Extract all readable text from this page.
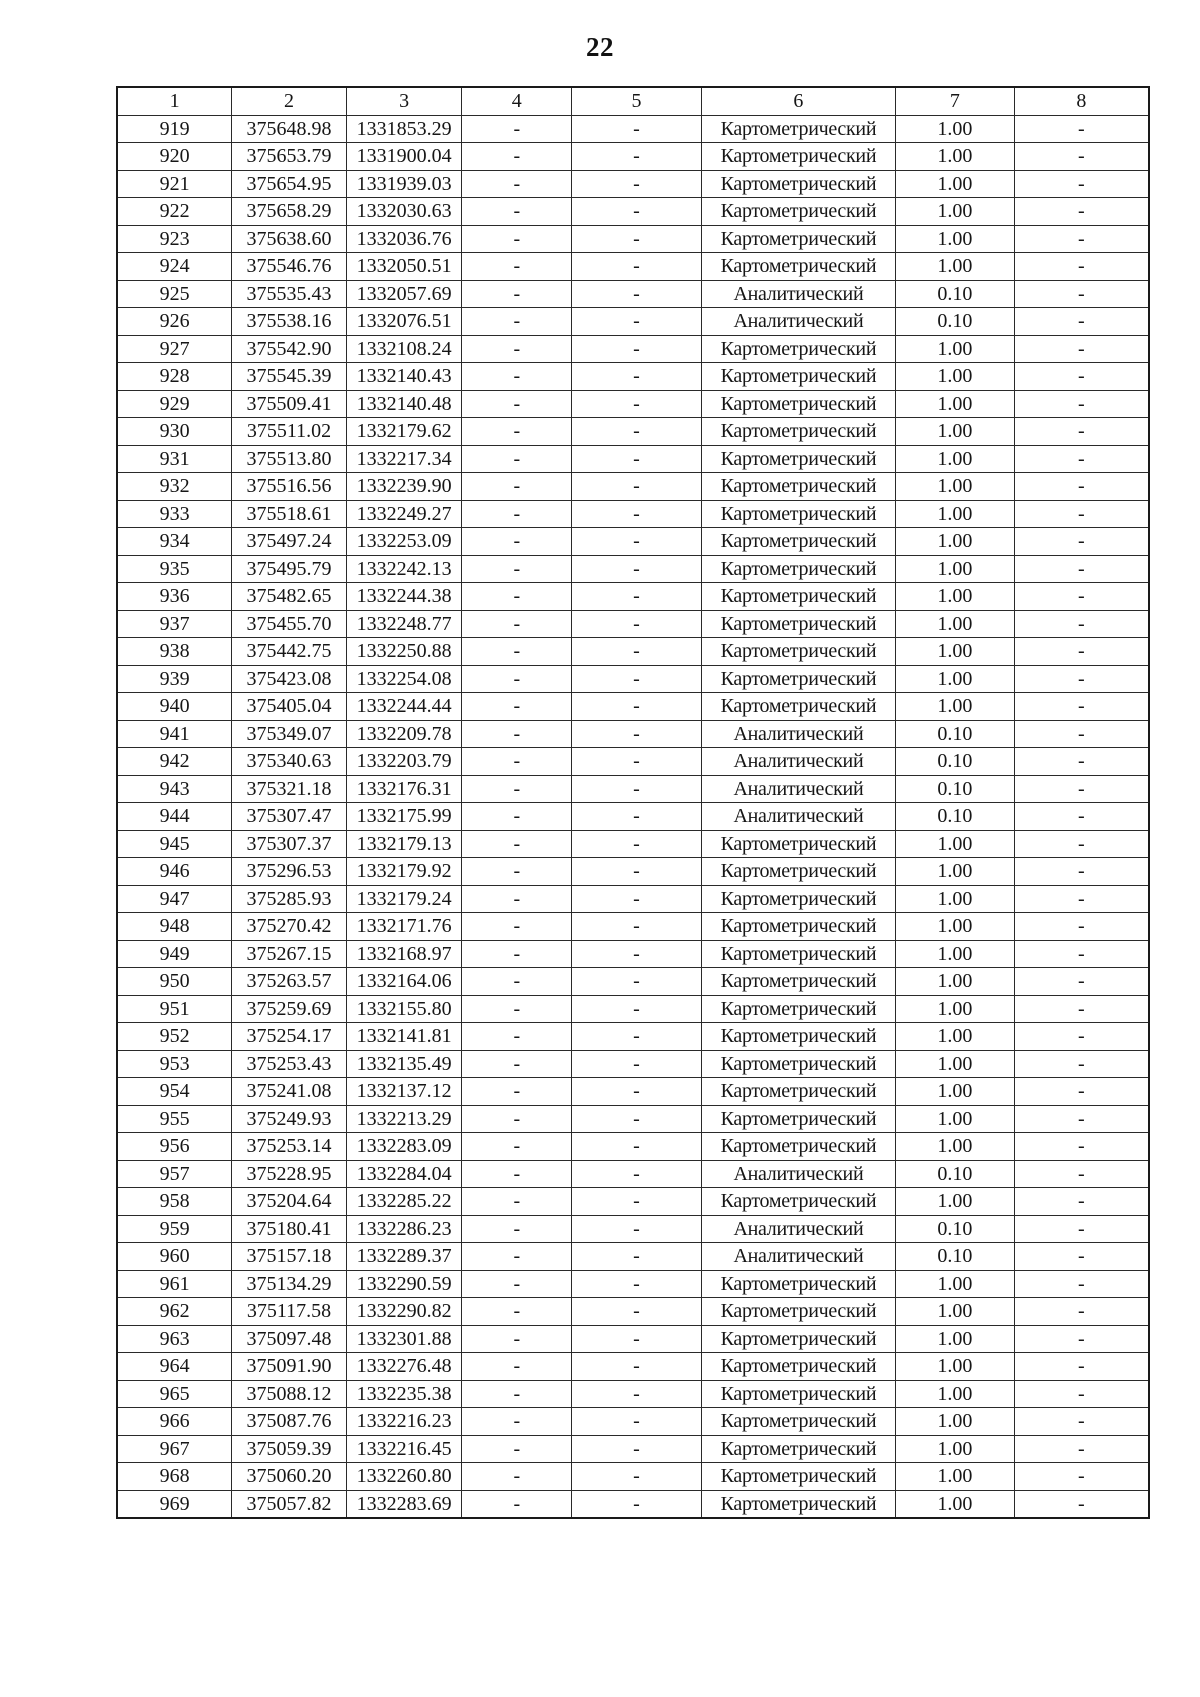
22
1	2	3	4	5	6	7	8
919	375648.98	1331853.29	-	-	Картометрический	1.00	-
920	375653.79	1331900.04	-	-	Картометрический	1.00	-
921	375654.95	1331939.03	-	-	Картометрический	1.00	-
922	375658.29	1332030.63	-	-	Картометрический	1.00	-
923	375638.60	1332036.76	-	-	Картометрический	1.00	-
924	375546.76	1332050.51	-	-	Картометрический	1.00	-
925	375535.43	1332057.69	-	-	Аналитический	0.10	-
926	375538.16	1332076.51	-	-	Аналитический	0.10	-
927	375542.90	1332108.24	-	-	Картометрический	1.00	-
928	375545.39	1332140.43	-	-	Картометрический	1.00	-
929	375509.41	1332140.48	-	-	Картометрический	1.00	-
930	375511.02	1332179.62	-	-	Картометрический	1.00	-
931	375513.80	1332217.34	-	-	Картометрический	1.00	-
932	375516.56	1332239.90	-	-	Картометрический	1.00	-
933	375518.61	1332249.27	-	-	Картометрический	1.00	-
934	375497.24	1332253.09	-	-	Картометрический	1.00	-
935	375495.79	1332242.13	-	-	Картометрический	1.00	-
936	375482.65	1332244.38	-	-	Картометрический	1.00	-
937	375455.70	1332248.77	-	-	Картометрический	1.00	-
938	375442.75	1332250.88	-	-	Картометрический	1.00	-
939	375423.08	1332254.08	-	-	Картометрический	1.00	-
940	375405.04	1332244.44	-	-	Картометрический	1.00	-
941	375349.07	1332209.78	-	-	Аналитический	0.10	-
942	375340.63	1332203.79	-	-	Аналитический	0.10	-
943	375321.18	1332176.31	-	-	Аналитический	0.10	-
944	375307.47	1332175.99	-	-	Аналитический	0.10	-
945	375307.37	1332179.13	-	-	Картометрический	1.00	-
946	375296.53	1332179.92	-	-	Картометрический	1.00	-
947	375285.93	1332179.24	-	-	Картометрический	1.00	-
948	375270.42	1332171.76	-	-	Картометрический	1.00	-
949	375267.15	1332168.97	-	-	Картометрический	1.00	-
950	375263.57	1332164.06	-	-	Картометрический	1.00	-
951	375259.69	1332155.80	-	-	Картометрический	1.00	-
952	375254.17	1332141.81	-	-	Картометрический	1.00	-
953	375253.43	1332135.49	-	-	Картометрический	1.00	-
954	375241.08	1332137.12	-	-	Картометрический	1.00	-
955	375249.93	1332213.29	-	-	Картометрический	1.00	-
956	375253.14	1332283.09	-	-	Картометрический	1.00	-
957	375228.95	1332284.04	-	-	Аналитический	0.10	-
958	375204.64	1332285.22	-	-	Картометрический	1.00	-
959	375180.41	1332286.23	-	-	Аналитический	0.10	-
960	375157.18	1332289.37	-	-	Аналитический	0.10	-
961	375134.29	1332290.59	-	-	Картометрический	1.00	-
962	375117.58	1332290.82	-	-	Картометрический	1.00	-
963	375097.48	1332301.88	-	-	Картометрический	1.00	-
964	375091.90	1332276.48	-	-	Картометрический	1.00	-
965	375088.12	1332235.38	-	-	Картометрический	1.00	-
966	375087.76	1332216.23	-	-	Картометрический	1.00	-
967	375059.39	1332216.45	-	-	Картометрический	1.00	-
968	375060.20	1332260.80	-	-	Картометрический	1.00	-
969	375057.82	1332283.69	-	-	Картометрический	1.00	-
